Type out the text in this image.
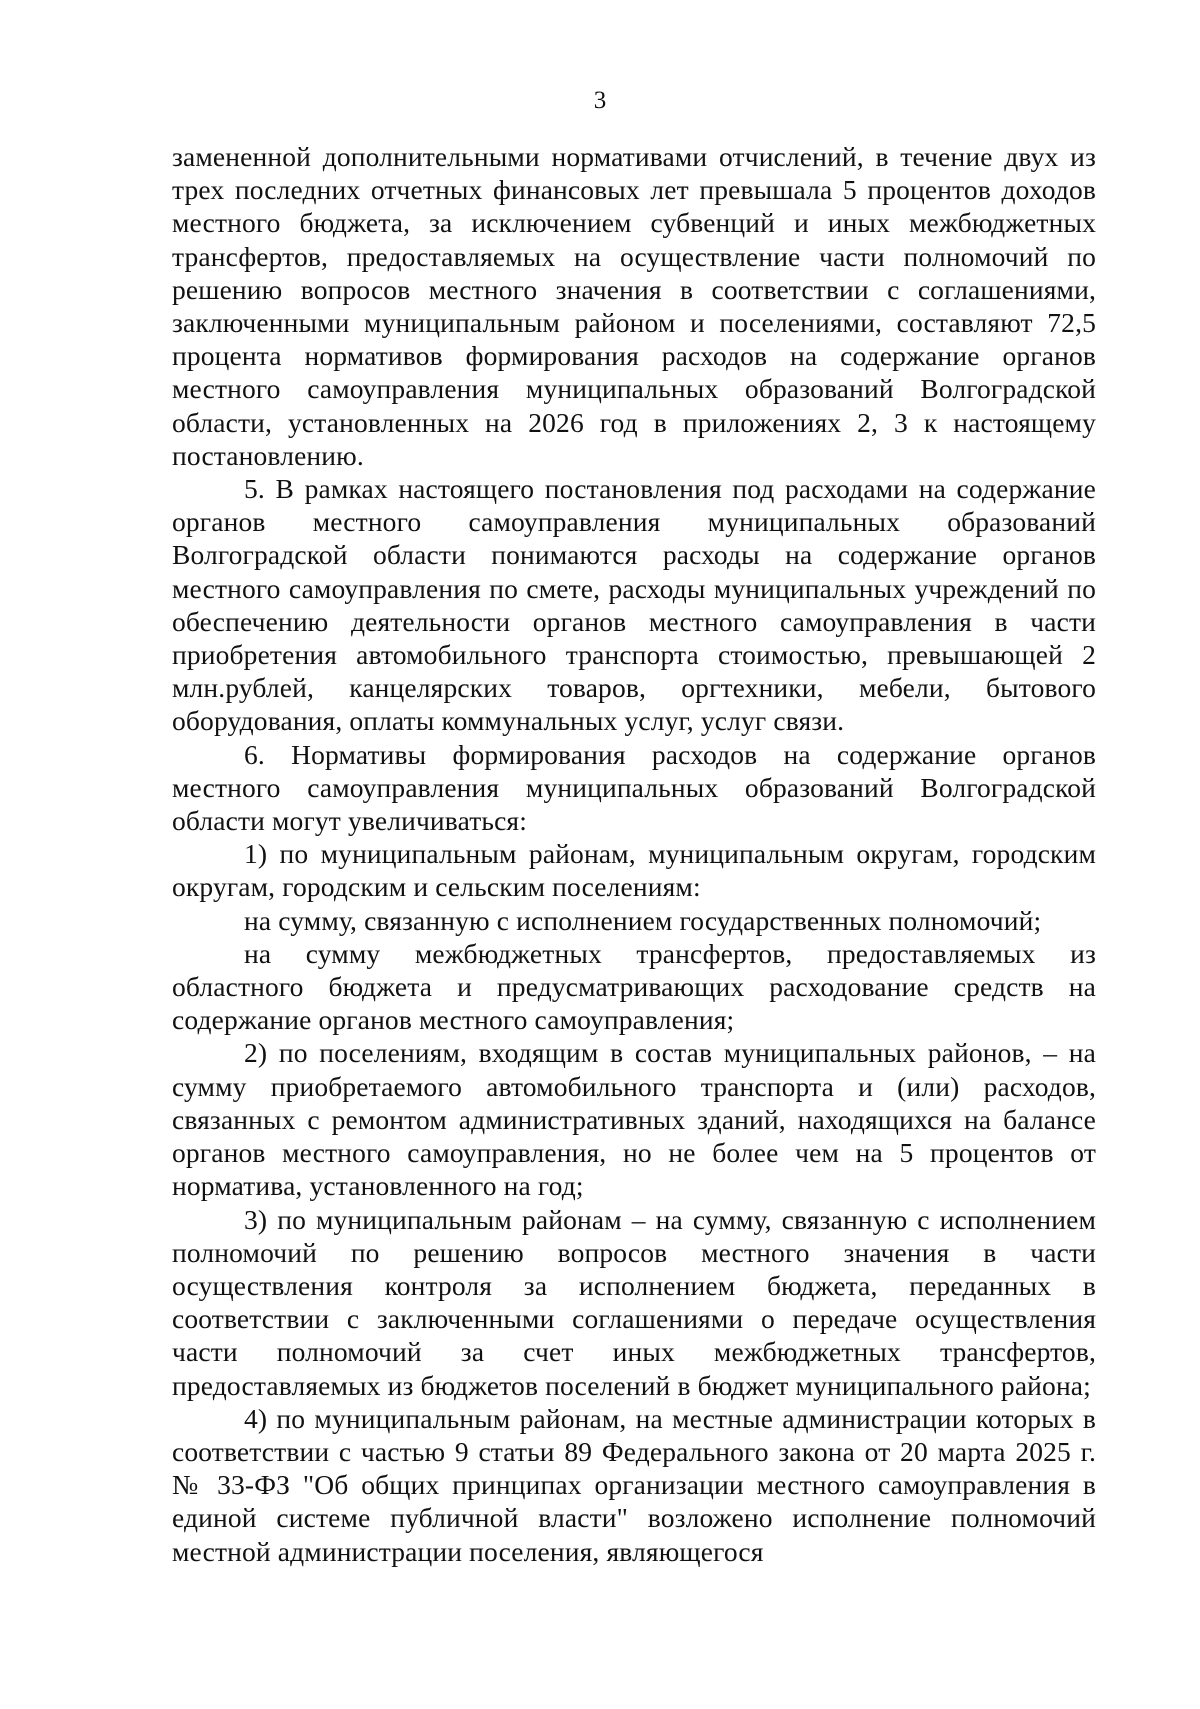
3

замененной дополнительными нормативами отчислений, в течение двух из трех последних отчетных финансовых лет превышала 5 процентов доходов местного бюджета, за исключением субвенций и иных межбюджетных трансфертов, предоставляемых на осуществление части полномочий по решению вопросов местного значения в соответствии с соглашениями, заключенными муниципальным районом и поселениями, составляют 72,5 процента нормативов формирования расходов на содержание органов местного самоуправления муниципальных образований Волгоградской области, установленных на 2026 год в приложениях 2, 3 к настоящему постановлению.

5. В рамках настоящего постановления под расходами на содержание органов местного самоуправления муниципальных образований Волгоградской области понимаются расходы на содержание органов местного самоуправления по смете, расходы муниципальных учреждений по обеспечению деятельности органов местного самоуправления в части приобретения автомобильного транспорта стоимостью, превышающей 2 млн.рублей, канцелярских товаров, оргтехники, мебели, бытового оборудования, оплаты коммунальных услуг, услуг связи.

6. Нормативы формирования расходов на содержание органов местного самоуправления муниципальных образований Волгоградской области могут увеличиваться:

1) по муниципальным районам, муниципальным округам, городским округам, городским и сельским поселениям:

на сумму, связанную с исполнением государственных полномочий;

на сумму межбюджетных трансфертов, предоставляемых из областного бюджета и предусматривающих расходование средств на содержание органов местного самоуправления;

2) по поселениям, входящим в состав муниципальных районов, – на сумму приобретаемого автомобильного транспорта и (или) расходов, связанных с ремонтом административных зданий, находящихся на балансе органов местного самоуправления, но не более чем на 5 процентов от норматива, установленного на год;

3) по муниципальным районам – на сумму, связанную с исполнением полномочий по решению вопросов местного значения в части осуществления контроля за исполнением бюджета, переданных в соответствии с заключенными соглашениями о передаче осуществления части полномочий за счет иных межбюджетных трансфертов, предоставляемых из бюджетов поселений в бюджет муниципального района;

4) по муниципальным районам, на местные администрации которых в соответствии с частью 9 статьи 89 Федерального закона от 20 марта 2025 г. № 33-ФЗ "Об общих принципах организации местного самоуправления в единой системе публичной власти" возложено исполнение полномочий местной администрации поселения, являющегося
